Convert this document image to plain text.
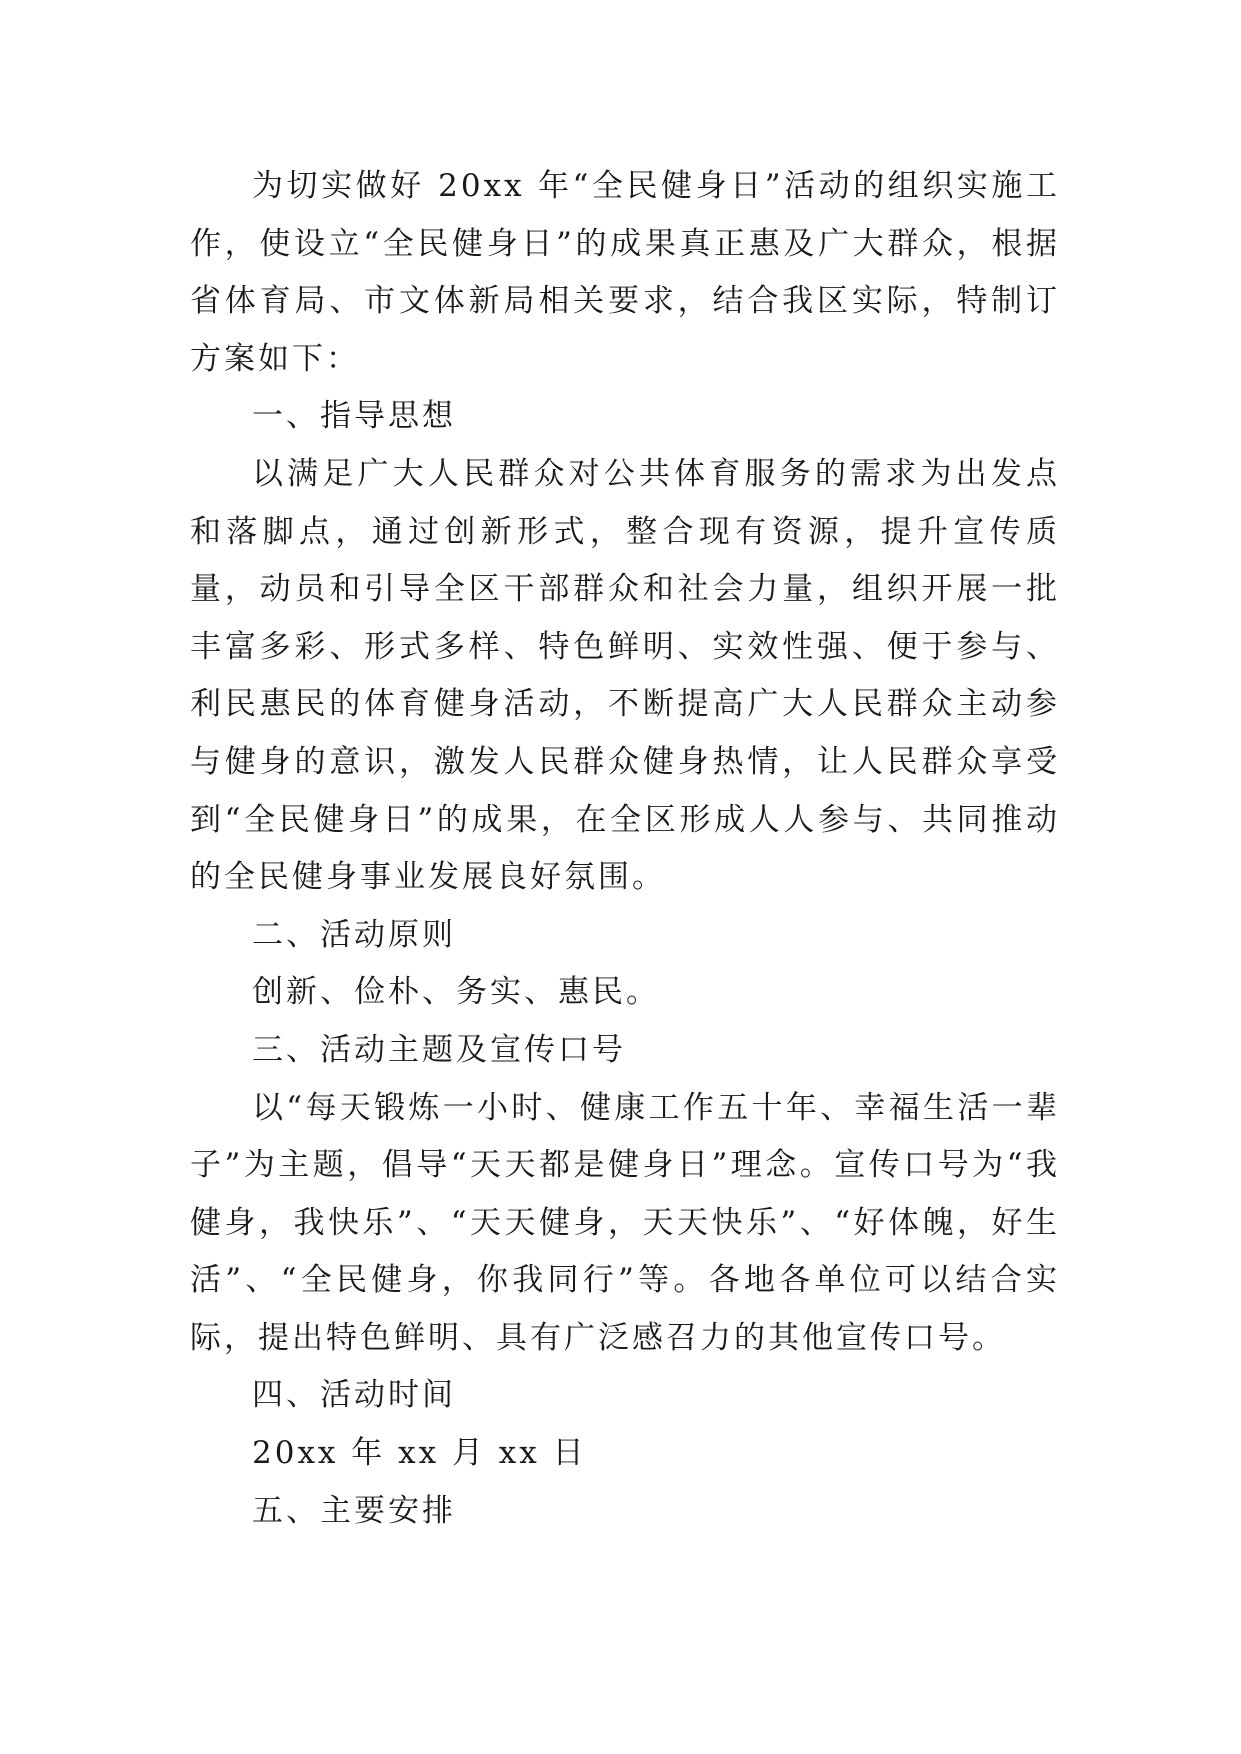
为切实做好 20xx 年“全民健身日”活动的组织实施工作，使设立“全民健身日”的成果真正惠及广大群众，根据省体育局、市文体新局相关要求，结合我区实际，特制订方案如下：

一、指导思想

以满足广大人民群众对公共体育服务的需求为出发点和落脚点，通过创新形式，整合现有资源，提升宣传质量，动员和引导全区干部群众和社会力量，组织开展一批丰富多彩、形式多样、特色鲜明、实效性强、便于参与、利民惠民的体育健身活动，不断提高广大人民群众主动参与健身的意识，激发人民群众健身热情，让人民群众享受到“全民健身日”的成果，在全区形成人人参与、共同推动的全民健身事业发展良好氛围。

二、活动原则

创新、俭朴、务实、惠民。

三、活动主题及宣传口号

以“每天锻炼一小时、健康工作五十年、幸福生活一辈子”为主题，倡导“天天都是健身日”理念。宣传口号为“我健身，我快乐”、“天天健身，天天快乐”、“好体魄，好生活”、“全民健身，你我同行”等。各地各单位可以结合实际，提出特色鲜明、具有广泛感召力的其他宣传口号。

四、活动时间

20xx 年 xx 月 xx 日

五、主要安排
